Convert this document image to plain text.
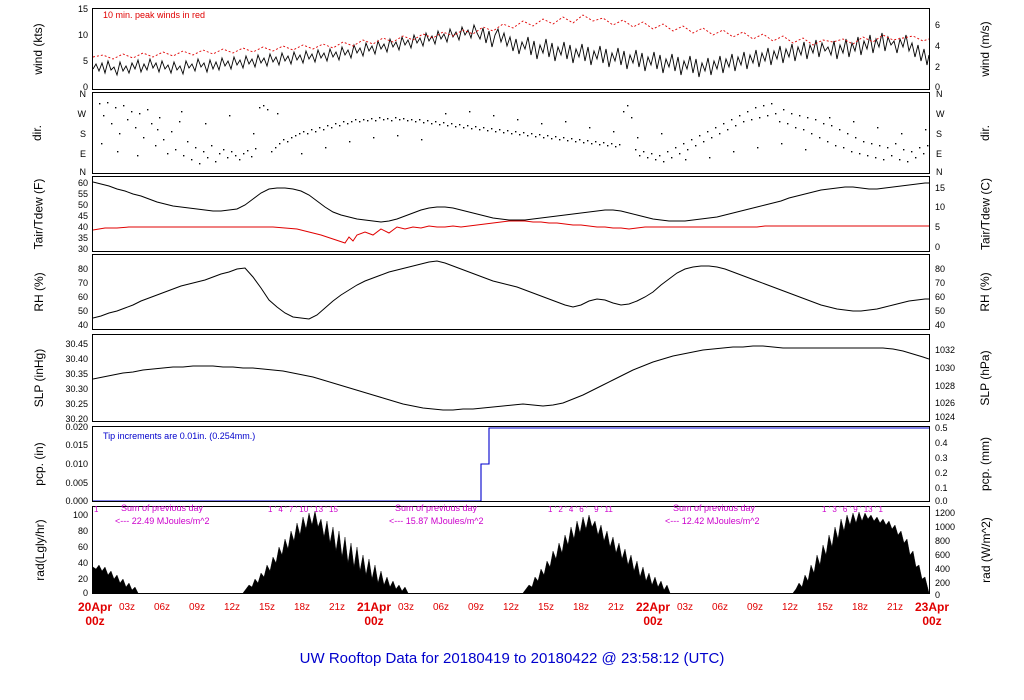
10 min. peak winds in red
wind (kts)	wind (m/s)
15
10
5
0
6
4
2
0
dir.	dir.
N
W
S
E
N
N
W
S
E
N
Tair/Tdew (F)	Tair/Tdew (C)
60
55
50
45
40
35
30
15
10
5
0
RH (%)	RH (%)
80
70
60
50
40
80
70
60
50
40
SLP (inHg)	SLP (hPa)
30.45
30.40
30.35
30.30
30.25
30.20
1032
1030
1028
1026
1024
Tip increments are 0.01in. (0.254mm.)
pcp. (in)	pcp. (mm)
0.020
0.015
0.010
0.005
0.000
0.5
0.4
0.3
0.2
0.1
0.0
Sum of previous day
<--- 22.49 MJoules/m^2
Sum of previous day
<--- 15.87 MJoules/m^2
Sum of previous day
<--- 12.42 MJoules/m^2
rad(Lgly/hr)	rad (W/m^2)
100
80
60
40
20
0
1200
1000
800
600
400
200
0
1	1 ' 4 ' 7 ' 10 ' 13 ' 15	1 ' 2 ' 4 ' 6 '   9 ' 11	1 ' 3 ' 6 ' 9 ' 13 ' 1
20Apr
00z
21Apr
00z
22Apr
00z
23Apr
00z
03z	06z	09z	12z	15z	18z	21z	03z	06z	09z	12z	15z	18z	21z	03z	06z	09z	12z	15z	18z	21z
UW Rooftop Data for 20180419 to 20180422 @ 23:58:12 (UTC)
